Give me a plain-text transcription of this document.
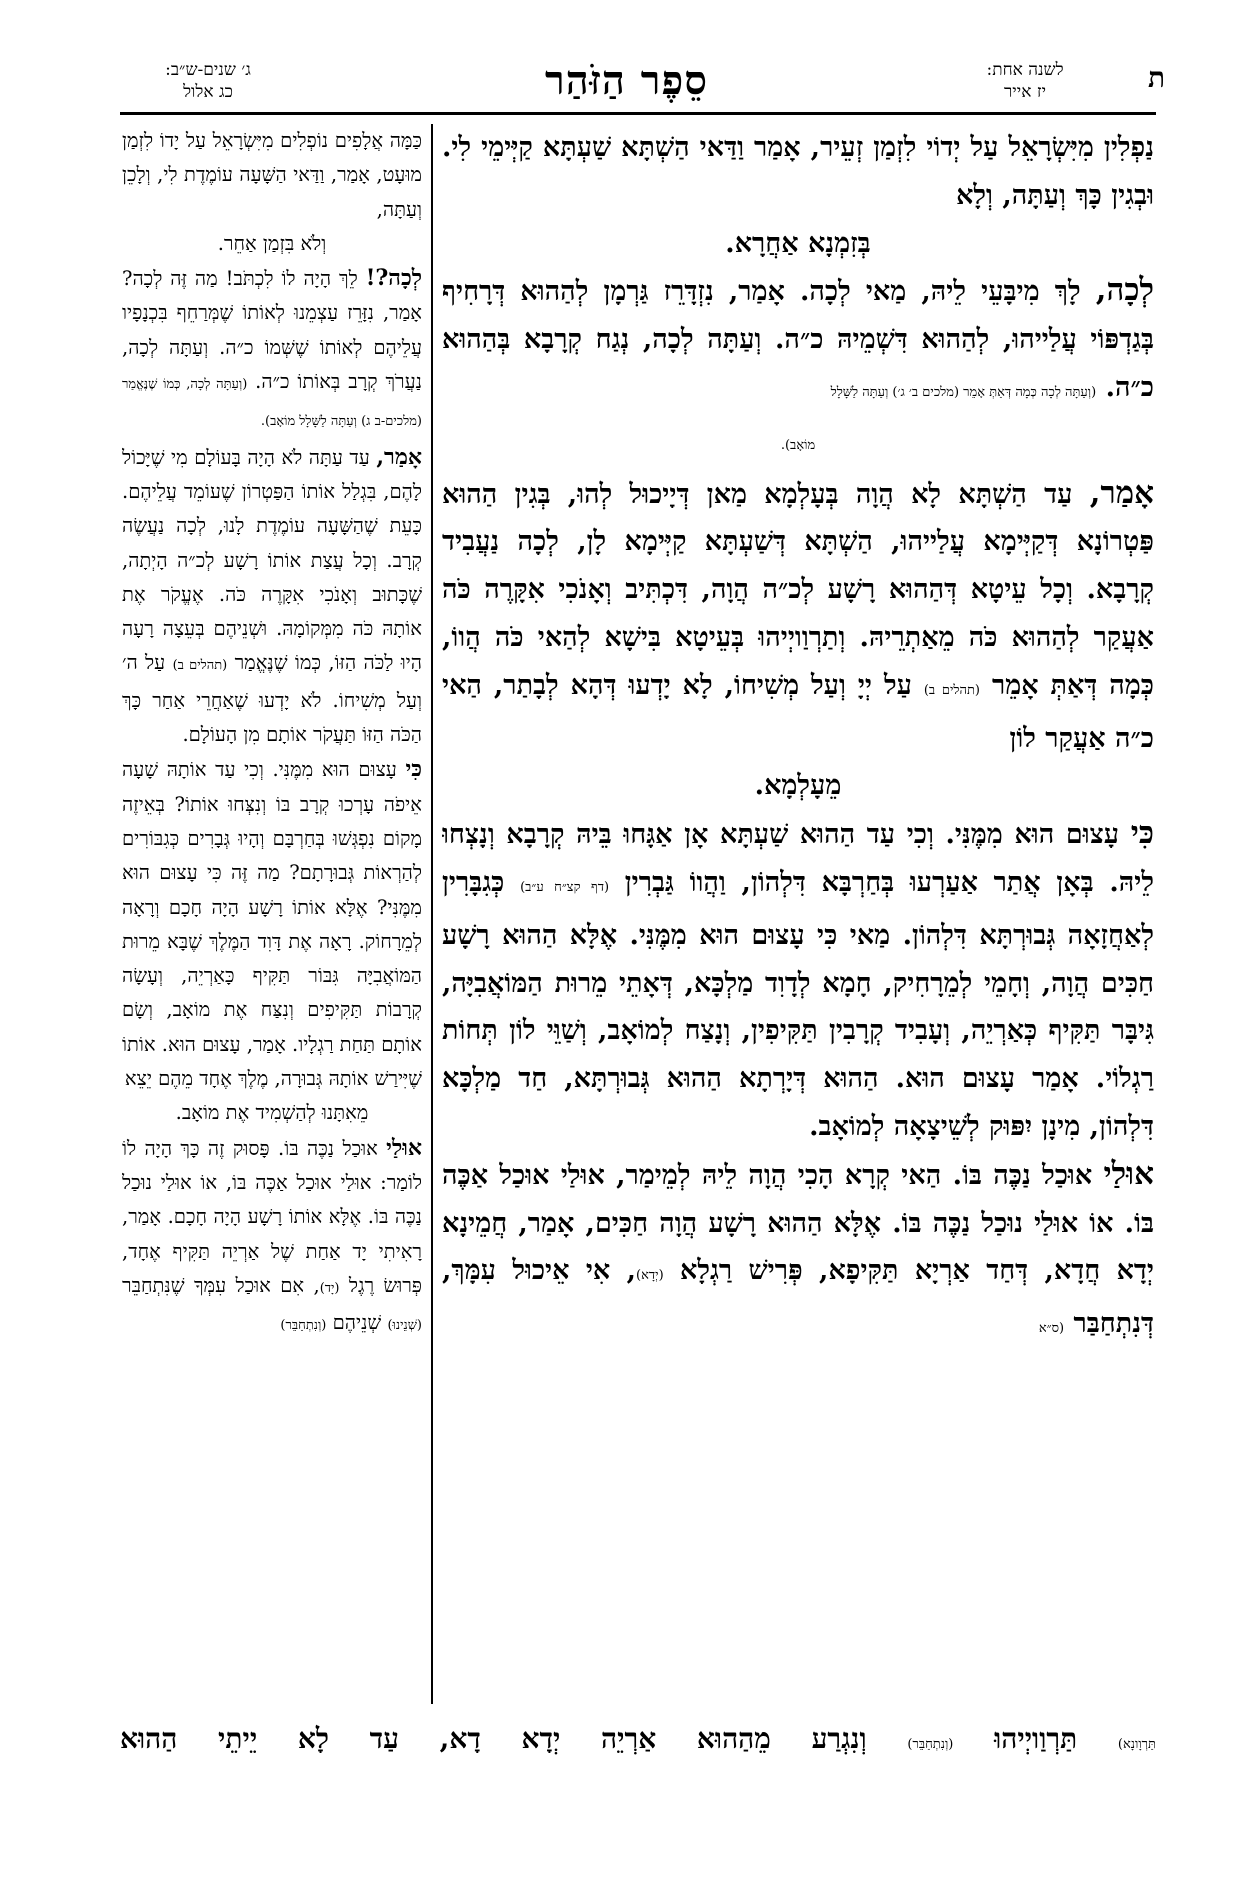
ג׳ שנים-ש״ב:
כג אלול	סֵפֶר הַזֹּהַר	לשנה אחת:
יז אייר	ת

נַפְלִין מִיִּשְׂרָאֵל עַל יְדוֹי לִזְמַן זְעֵיר, אָמַר וַדַּאי הַשְׁתָּא שַׁעְתָּא קַיְּימֵי לִי. וּבְגִין כָּךְ וְעַתָּה, וְלָא

בְּזִמְנָא אַחֲרָא.

לְכָה, לָךְ מִיבָּעֵי לֵיהּ, מַאי לְכָה. אָמַר, נִזְדָּרֵז גַּרְמָן לְהַהוּא דְּרָחִיף בְּגַדְפּוֹי עֲלַייהוּ, לְהַהוּא דִּשְׁמֵיהּ כ״ה. וְעַתָּה לְכָה, נְגַח קְרָבָא בְּהַהוּא כ״ה. (וְעַתָּה לְכָה כְּמָה דְּאַתְּ אָמֵר (מלכים ב׳ ג׳) וְעַתָּה לַשָּׁלָל

מוֹאָב).

אָמַר, עַד הַשְׁתָּא לָא הֲוָה בְּעָלְמָא מַאן דְּיָיכוּל לְהוּ, בְּגִין הַהוּא פַּטְרוֹנָא דְּקַיְּימָא עֲלַייהוּ, הַשְׁתָּא דְּשַׁעְתָּא קַיְּימָא לָן, לְכָה נַעֲבִיד קְרָבָא. וְכָל עֵיטָא דְּהַהוּא רָשָׁע לְכ״ה הֲוָה, דִּכְתִּיב וְאָנֹכִי אִקָּרֶה כֹּה אַעֲקַר לְהַהוּא כֹּה מֵאַתְרֵיהּ. וְתַרְוַויְיהוּ בְּעֵיטָא בִּישָׁא לְהַאי כֹּה הֲווֹ, כְּמָה דְּאַתְּ אָמֵר (תהלים ב) עַל יְיָ וְעַל מְשִׁיחוֹ, לָא יָדְעוּ דְּהָא לְבָתַר, הַאי כ״ה אַעֲקַר לוֹן

מֵעָלְמָא.

כִּי עָצוּם הוּא מִמֶּנִּי. וְכִי עַד הַהוּא שַׁעְתָּא אָן אַגָּחוּ בֵּיהּ קְרָבָא וְנָצְחוּ לֵיהּ. בְּאָן אֲתַר אַעַרְעוּ בְּחַרְבָּא דִּלְהוֹן, וַהֲווֹ גַּבְרִין (דף קצ״ח ע״ב) כְּגִבָּרִין לְאַחֲזָאָה גְּבוּרְתָּא דִּלְהוֹן. מַאי כִּי עָצוּם הוּא מִמֶּנִּי. אֶלָּא הַהוּא רָשָׁע חַכִּים הֲוָה, וְחָמֵי לְמֵרָחִיק, חָמָא לְדָוִד מַלְכָּא, דְּאָתֵי מֵרוּת הַמּוֹאֲבִיָּה, גִּיבָּר תַּקִּיף כְּאַרְיֵה, וְעָבִיד קְרָבִין תַּקִּיפִין, וְנָצַח לְמוֹאָב, וְשַׁוֵּי לוֹן תְּחוֹת רַגְלוֹי. אָמַר עָצוּם הוּא. הַהוּא דְּיָרְתָא הַהוּא גְּבוּרְתָּא, חַד מַלְכָּא דִּלְהוֹן, מִינָן יִפּוּק לְשֵׁיצָאָה לְמוֹאָב.

אוּלַי אוּכַל נַכֶּה בּוֹ. הַאי קְרָא הָכִי הֲוָה לֵיהּ לְמֵימַר, אוּלַי אוּכַל אַכֶּה בּוֹ. אוֹ אוּלַי נוּכַל נַכֶּה בּוֹ. אֶלָּא הַהוּא רָשָׁע הֲוָה חַכִּים, אָמַר, חֲמֵינָא יְדָא חֲדָא, דְּחַד אַרְיָא תַּקִּיפָא, פְּרִישׁ רַגְלָא (יְדָא), אִי אֵיכוּל עִמָּךְ, דְּנִתְחַבַּר (ס״א

כַּמָּה אֲלָפִים נוֹפְלִים מִיִּשְׂרָאֵל עַל יָדוֹ לִזְמַן מוּעָט, אָמַר, וַדַּאי הַשָּׁעָה עוֹמֶדֶת לִי, וְלָכֵן וְעַתָּה,

וְלֹא בִּזְמַן אַחֵר.

לְכָה?! לֵךְ הָיָה לוֹ לִכְתֹּב! מַה זֶּה לְכָה? אָמַר, נִזָּרֵז עַצְמֵנוּ לְאוֹתוֹ שֶׁמְּרַחֵף בִּכְנָפָיו עֲלֵיהֶם לְאוֹתוֹ שֶׁשְּׁמוֹ כ״ה. וְעַתָּה לְכָה, נַעֲרֹךְ קְרָב בְּאוֹתוֹ כ״ה. (וְעַתָּה לְכָה, כְּמוֹ שֶׁנֶּאֱמַר (מלכים-ב ג) וְעַתָּה לַשָּׁלָל מוֹאָב).

אָמַר, עַד עַתָּה לֹא הָיָה בָּעוֹלָם מִי שֶׁיָּכוֹל לָהֶם, בִּגְלַל אוֹתוֹ הַפַּטְרוֹן שֶׁעוֹמֵד עֲלֵיהֶם. כָּעֵת שֶׁהַשָּׁעָה עוֹמֶדֶת לָנוּ, לְכָה נַעֲשֶׂה קְרָב. וְכָל עֲצַת אוֹתוֹ רָשָׁע לְכ״ה הָיְתָה, שֶׁכָּתוּב וְאָנֹכִי אִקָּרֶה כֹּה. אֶעֱקֹר אֶת אוֹתָהּ כֹּה מִמְּקוֹמָהּ. וּשְׁנֵיהֶם בְּעֵצָה רָעָה הָיוּ לַכֹּה הַזּוֹ, כְּמוֹ שֶׁנֶּאֱמַר (תהלים ב) עַל ה׳ וְעַל מְשִׁיחוֹ. לֹא יָדְעוּ שֶׁאַחֲרֵי אַחַר כָּךְ הַכֹּה הַזּוֹ תַּעֲקֹר אוֹתָם מִן הָעוֹלָם.

כִּי עָצוּם הוּא מִמֶּנִּי. וְכִי עַד אוֹתָהּ שָׁעָה אֵיפֹה עָרְכוּ קְרָב בּוֹ וְנִצְּחוּ אוֹתוֹ? בְּאֵיזֶה מָקוֹם נִפְגְּשׁוּ בְּחַרְבָּם וְהָיוּ גְּבָרִים כְּגִבּוֹרִים לְהַרְאוֹת גְּבוּרָתָם? מַה זֶּה כִּי עָצוּם הוּא מִמֶּנִּי? אֶלָּא אוֹתוֹ רָשָׁע הָיָה חָכָם וְרָאָה לְמֵרָחוֹק. רָאָה אֶת דָּוִד הַמֶּלֶךְ שֶׁבָּא מֵרוּת הַמּוֹאֲבִיָּה גִּבּוֹר תַּקִּיף כָּאַרְיֵה, וְעָשָׂה קְרָבוֹת תַּקִּיפִים וְנִצַּח אֶת מוֹאָב, וְשָׂם אוֹתָם תַּחַת רַגְלָיו. אָמַר, עָצוּם הוּא. אוֹתוֹ שֶׁיִּירַשׁ אוֹתָהּ גְּבוּרָה, מֶלֶךְ אֶחָד מֵהֶם יֵצֵא

מֵאִתָּנוּ לְהַשְׁמִיד אֶת מוֹאָב.

אוּלַי אוּכַל נַכֶּה בּוֹ. פָּסוּק זֶה כָּךְ הָיָה לוֹ לוֹמַר: אוּלַי אוּכַל אַכֶּה בּוֹ, אוֹ אוּלַי נוּכַל נַכֶּה בּוֹ. אֶלָּא אוֹתוֹ רָשָׁע הָיָה חָכָם. אָמַר, רָאִיתִי יָד אַחַת שֶׁל אַרְיֵה תַּקִּיף אֶחָד, פְּרוּשׂ רֶגֶל (יָד), אִם אוּכַל עִמְּךָ שֶׁנִּתְחַבֵּר (שְׁנֵינוּ) שְׁנֵיהֶם (וְנִתְחַבֵּר)

תַּרְוָונָא) תַּרְוַויְיהוּ (וְנִתְחַבֵּר) וְנִגְרַע מֵהַהוּא אַרְיֵה יְדָא דָא, עַד לָא יֵיתֵי הַהוּא
